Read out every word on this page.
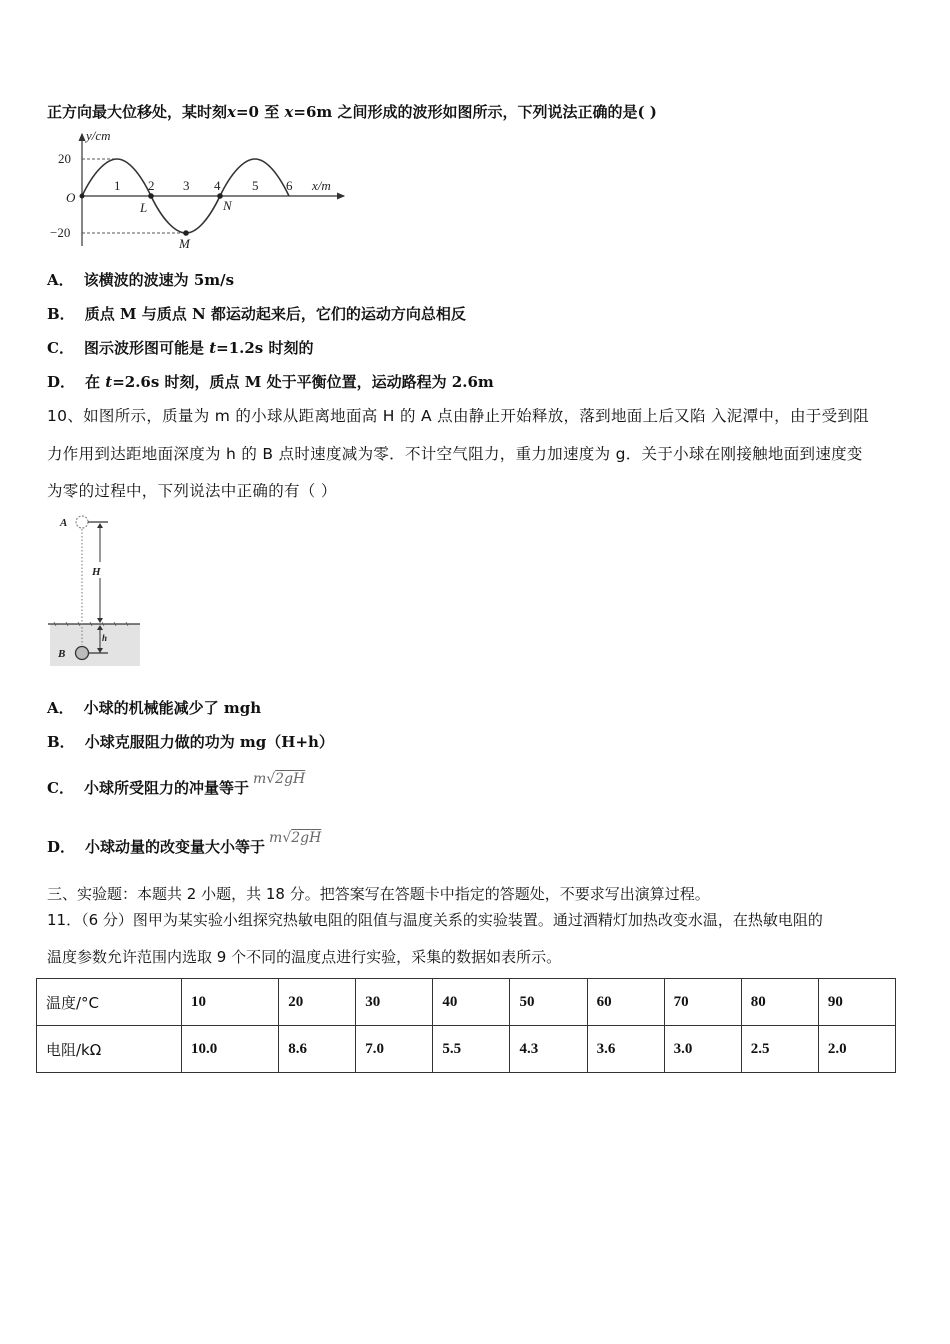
正方向最大位移处，某时刻x=0 至 x=6m 之间形成的波形如图所示，下列说法正确的是( )
20
−20
O
y/cm
x/m
1 2 3 4 5 6
L	N
M
A． 该横波的波速为 5m/s
B． 质点 M 与质点 N 都运动起来后，它们的运动方向总相反
C． 图示波形图可能是 t=1.2s 时刻的
D． 在 t=2.6s 时刻，质点 M 处于平衡位置，运动路程为 2.6m
10、如图所示，质量为 m 的小球从距离地面高 H 的 A 点由静止开始释放，落到地面上后又陷 入泥潭中，由于受到阻
力作用到达距地面深度为 h 的 B 点时速度减为零．不计空气阻力，重力加速度为 g．关于小球在刚接触地面到速度变
为零的过程中，下列说法中正确的有（ ）
A
H
h
B
A． 小球的机械能减少了 mgh
B． 小球克服阻力做的功为 mg（H+h）
C． 小球所受阻力的冲量等于 m√2gH
D． 小球动量的改变量大小等于 m√2gH
三、实验题：本题共 2 小题，共 18 分。把答案写在答题卡中指定的答题处，不要求写出演算过程。
11．（6 分）图甲为某实验小组探究热敏电阻的阻值与温度关系的实验装置。通过酒精灯加热改变水温，在热敏电阻的
温度参数允许范围内选取 9 个不同的温度点进行实验，采集的数据如表所示。
温度/°C	10	20	30	40	50	60	70	80	90
电阻/kΩ	10.0	8.6	7.0	5.5	4.3	3.6	3.0	2.5	2.0
